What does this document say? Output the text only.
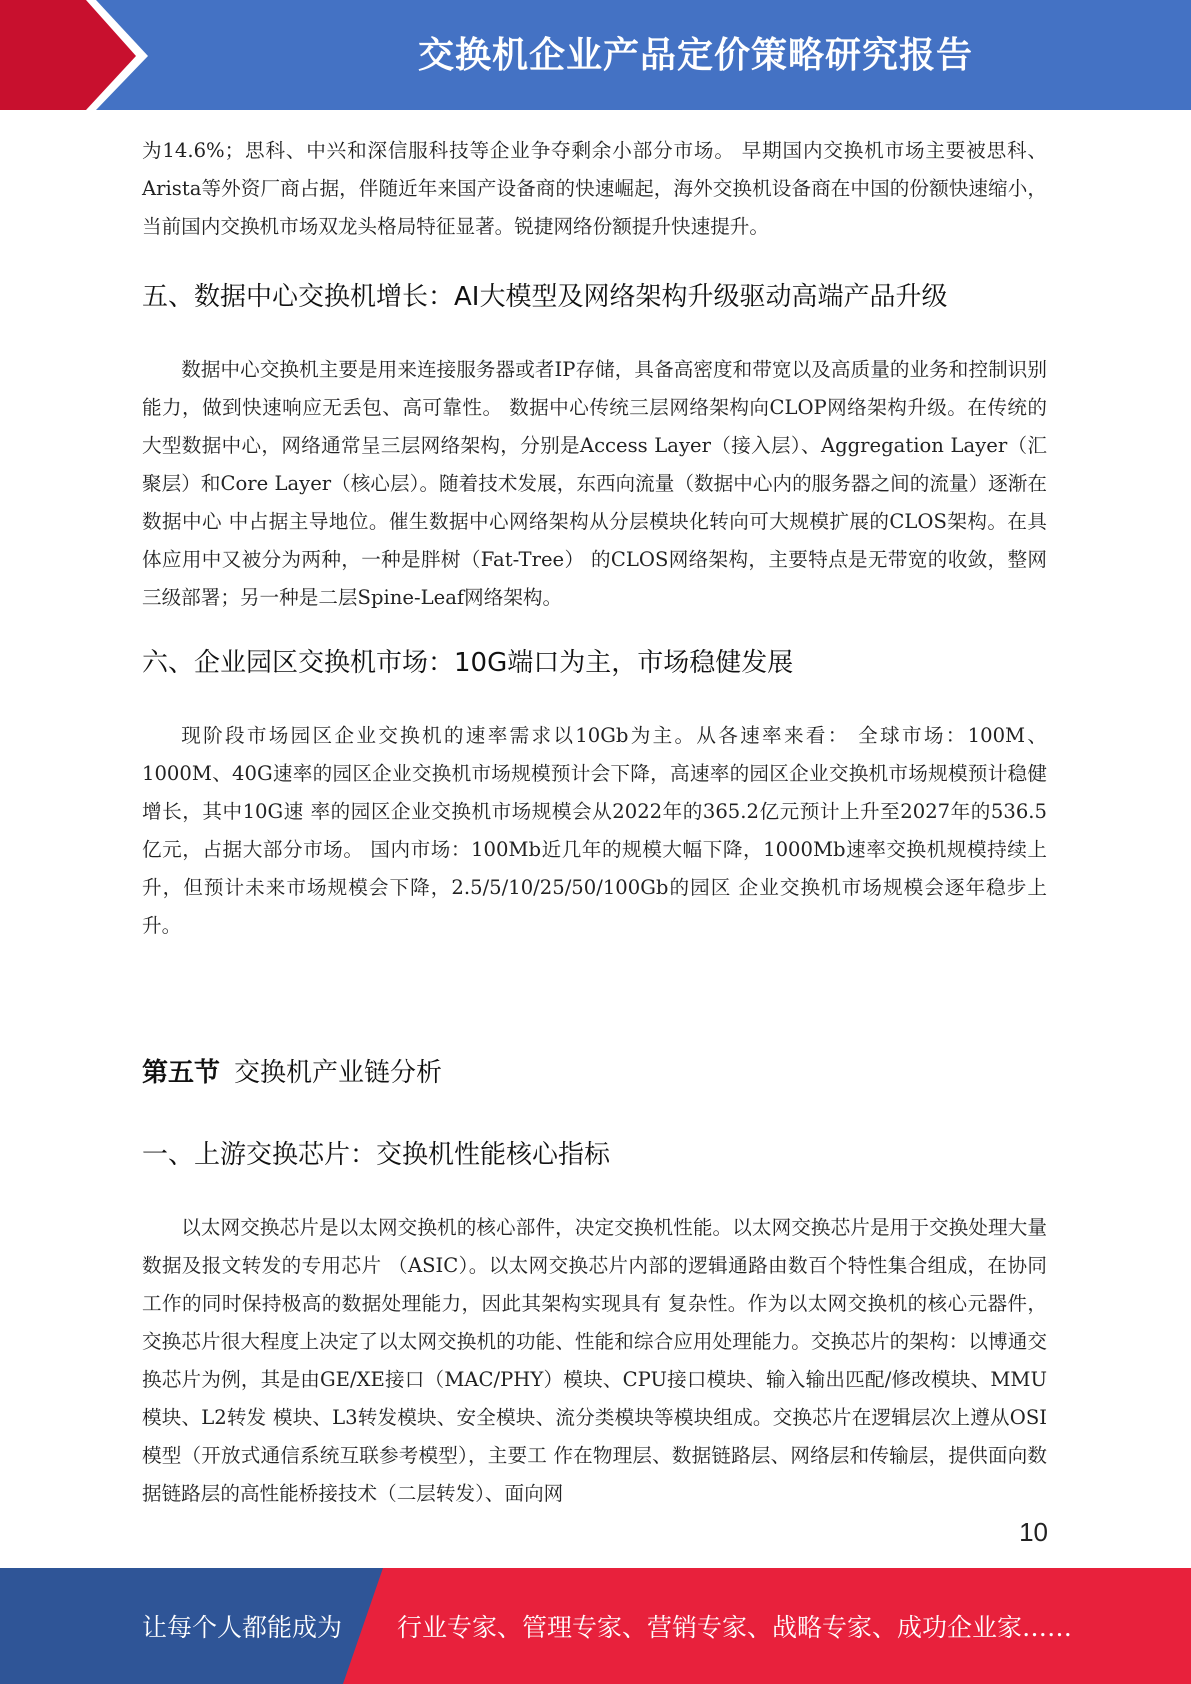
交换机企业产品定价策略研究报告

为14.6%；思科、中兴和深信服科技等企业争夺剩余小部分市场。 早期国内交换机市场主要被思科、Arista等外资厂商占据，伴随近年来国产设备商的快速崛起，海外交换机设备商在中国的份额快速缩小， 当前国内交换机市场双龙头格局特征显著。锐捷网络份额提升快速提升。

五、数据中心交换机增长：AI大模型及网络架构升级驱动高端产品升级

数据中心交换机主要是用来连接服务器或者IP存储，具备高密度和带宽以及高质量的业务和控制识别能力，做到快速响应无丢包、高可靠性。 数据中心传统三层网络架构向CLOP网络架构升级。在传统的大型数据中心，网络通常呈三层网络架构，分别是Access Layer（接入层）、Aggregation Layer（汇聚层）和Core Layer（核心层）。随着技术发展，东西向流量（数据中心内的服务器之间的流量）逐渐在数据中心 中占据主导地位。催生数据中心网络架构从分层模块化转向可大规模扩展的CLOS架构。在具体应用中又被分为两种，一种是胖树（Fat-Tree） 的CLOS网络架构，主要特点是无带宽的收敛，整网三级部署；另一种是二层Spine-Leaf网络架构。

六、企业园区交换机市场：10G端口为主，市场稳健发展

现阶段市场园区企业交换机的速率需求以10Gb为主。从各速率来看： 全球市场：100M、1000M、40G速率的园区企业交换机市场规模预计会下降，高速率的园区企业交换机市场规模预计稳健增长，其中10G速 率的园区企业交换机市场规模会从2022年的365.2亿元预计上升至2027年的536.5亿元，占据大部分市场。 国内市场：100Mb近几年的规模大幅下降，1000Mb速率交换机规模持续上升，但预计未来市场规模会下降，2.5/5/10/25/50/100Gb的园区 企业交换机市场规模会逐年稳步上升。

第五节 交换机产业链分析
一、上游交换芯片：交换机性能核心指标

以太网交换芯片是以太网交换机的核心部件，决定交换机性能。以太网交换芯片是用于交换处理大量数据及报文转发的专用芯片 （ASIC）。以太网交换芯片内部的逻辑通路由数百个特性集合组成，在协同工作的同时保持极高的数据处理能力，因此其架构实现具有 复杂性。作为以太网交换机的核心元器件，交换芯片很大程度上决定了以太网交换机的功能、性能和综合应用处理能力。交换芯片的架构：以博通交换芯片为例，其是由GE/XE接口（MAC/PHY）模块、CPU接口模块、输入输出匹配/修改模块、MMU模块、L2转发 模块、L3转发模块、安全模块、流分类模块等模块组成。交换芯片在逻辑层次上遵从OSI模型（开放式通信系统互联参考模型），主要工 作在物理层、数据链路层、网络层和传输层，提供面向数据链路层的高性能桥接技术（二层转发）、面向网

10
让每个人都能成为 行业专家、管理专家、营销专家、战略专家、成功企业家……
